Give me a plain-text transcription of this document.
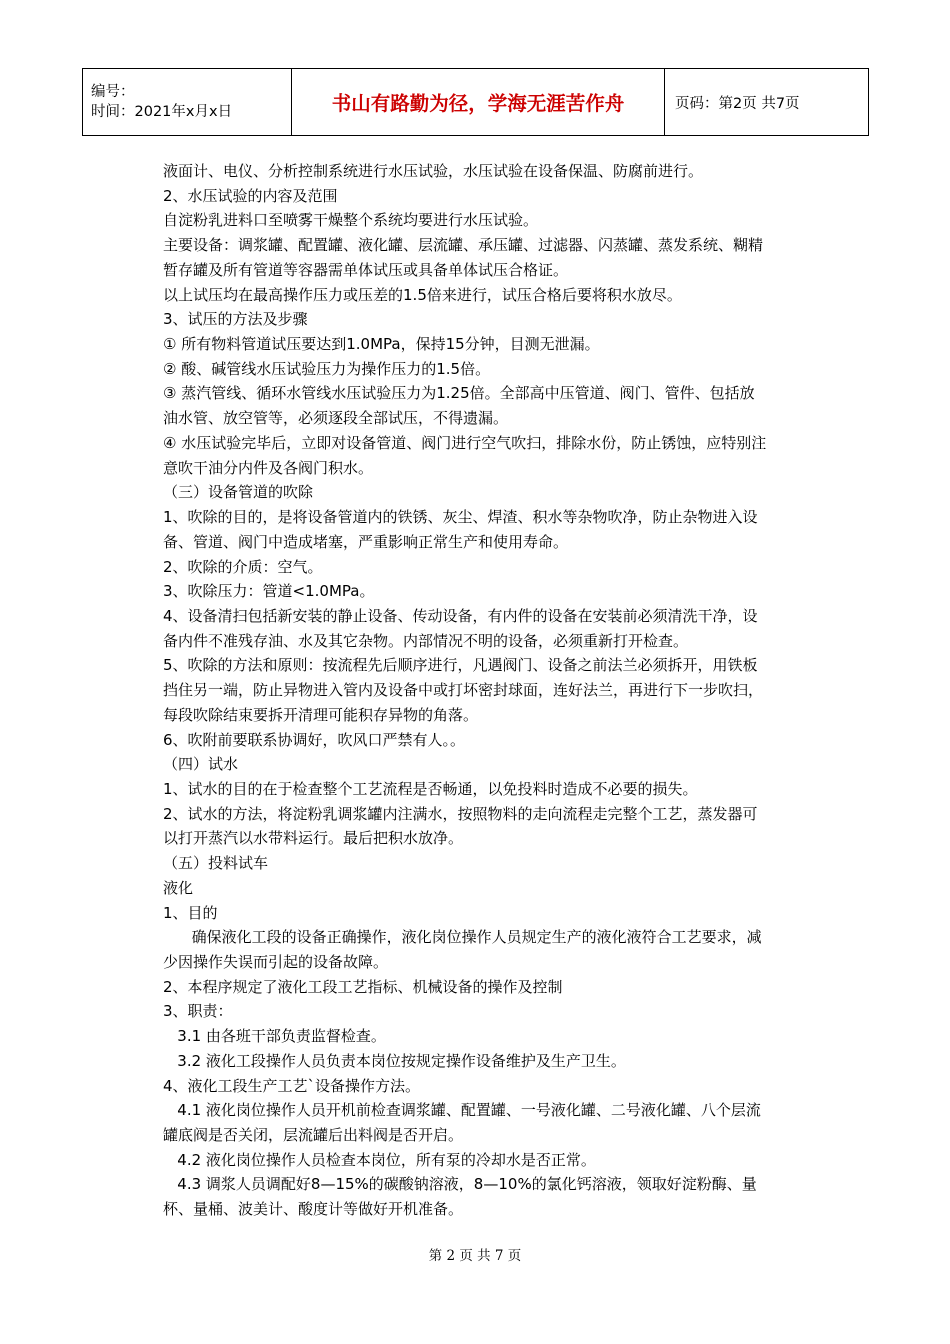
编号：
时间：2021年x月x日	书山有路勤为径，学海无涯苦作舟	页码：第2页 共7页
液面计、电仪、分析控制系统进行水压试验，水压试验在设备保温、防腐前进行。
2、水压试验的内容及范围
自淀粉乳进料口至喷雾干燥整个系统均要进行水压试验。
主要设备：调浆罐、配置罐、液化罐、层流罐、承压罐、过滤器、闪蒸罐、蒸发系统、糊精
暂存罐及所有管道等容器需单体试压或具备单体试压合格证。
以上试压均在最高操作压力或压差的1.5倍来进行，试压合格后要将积水放尽。
3、试压的方法及步骤
① 所有物料管道试压要达到1.0MPa，保持15分钟，目测无泄漏。
② 酸、碱管线水压试验压力为操作压力的1.5倍。
③ 蒸汽管线、循环水管线水压试验压力为1.25倍。全部高中压管道、阀门、管件、包括放
油水管、放空管等，必须逐段全部试压，不得遗漏。
④ 水压试验完毕后，立即对设备管道、阀门进行空气吹扫，排除水份，防止锈蚀，应特别注
意吹干油分内件及各阀门积水。
（三）设备管道的吹除
1、吹除的目的，是将设备管道内的铁锈、灰尘、焊渣、积水等杂物吹净，防止杂物进入设
备、管道、阀门中造成堵塞，严重影响正常生产和使用寿命。
2、吹除的介质：空气。
3、吹除压力：管道<1.0MPa。
4、设备清扫包括新安装的静止设备、传动设备，有内件的设备在安装前必须清洗干净，设
备内件不准残存油、水及其它杂物。内部情况不明的设备，必须重新打开检查。
5、吹除的方法和原则：按流程先后顺序进行，凡遇阀门、设备之前法兰必须拆开，用铁板
挡住另一端，防止异物进入管内及设备中或打坏密封球面，连好法兰，再进行下一步吹扫，
每段吹除结束要拆开清理可能积存异物的角落。
6、吹附前要联系协调好，吹风口严禁有人。。
（四）试水
1、试水的目的在于检查整个工艺流程是否畅通，以免投料时造成不必要的损失。
2、试水的方法，将淀粉乳调浆罐内注满水，按照物料的走向流程走完整个工艺，蒸发器可
以打开蒸汽以水带料运行。最后把积水放净。
（五）投料试车
液化
1、目的
确保液化工段的设备正确操作，液化岗位操作人员规定生产的液化液符合工艺要求，减
少因操作失误而引起的设备故障。
2、本程序规定了液化工段工艺指标、机械设备的操作及控制
3、职责：
3.1 由各班干部负责监督检查。
3.2 液化工段操作人员负责本岗位按规定操作设备维护及生产卫生。
4、液化工段生产工艺`设备操作方法。
4.1 液化岗位操作人员开机前检查调浆罐、配置罐、一号液化罐、二号液化罐、八个层流
罐底阀是否关闭，层流罐后出料阀是否开启。
4.2 液化岗位操作人员检查本岗位，所有泵的冷却水是否正常。
4.3 调浆人员调配好8—15%的碳酸钠溶液，8—10%的氯化钙溶液，领取好淀粉酶、量
杯、量桶、波美计、酸度计等做好开机准备。
第 2 页 共 7 页
